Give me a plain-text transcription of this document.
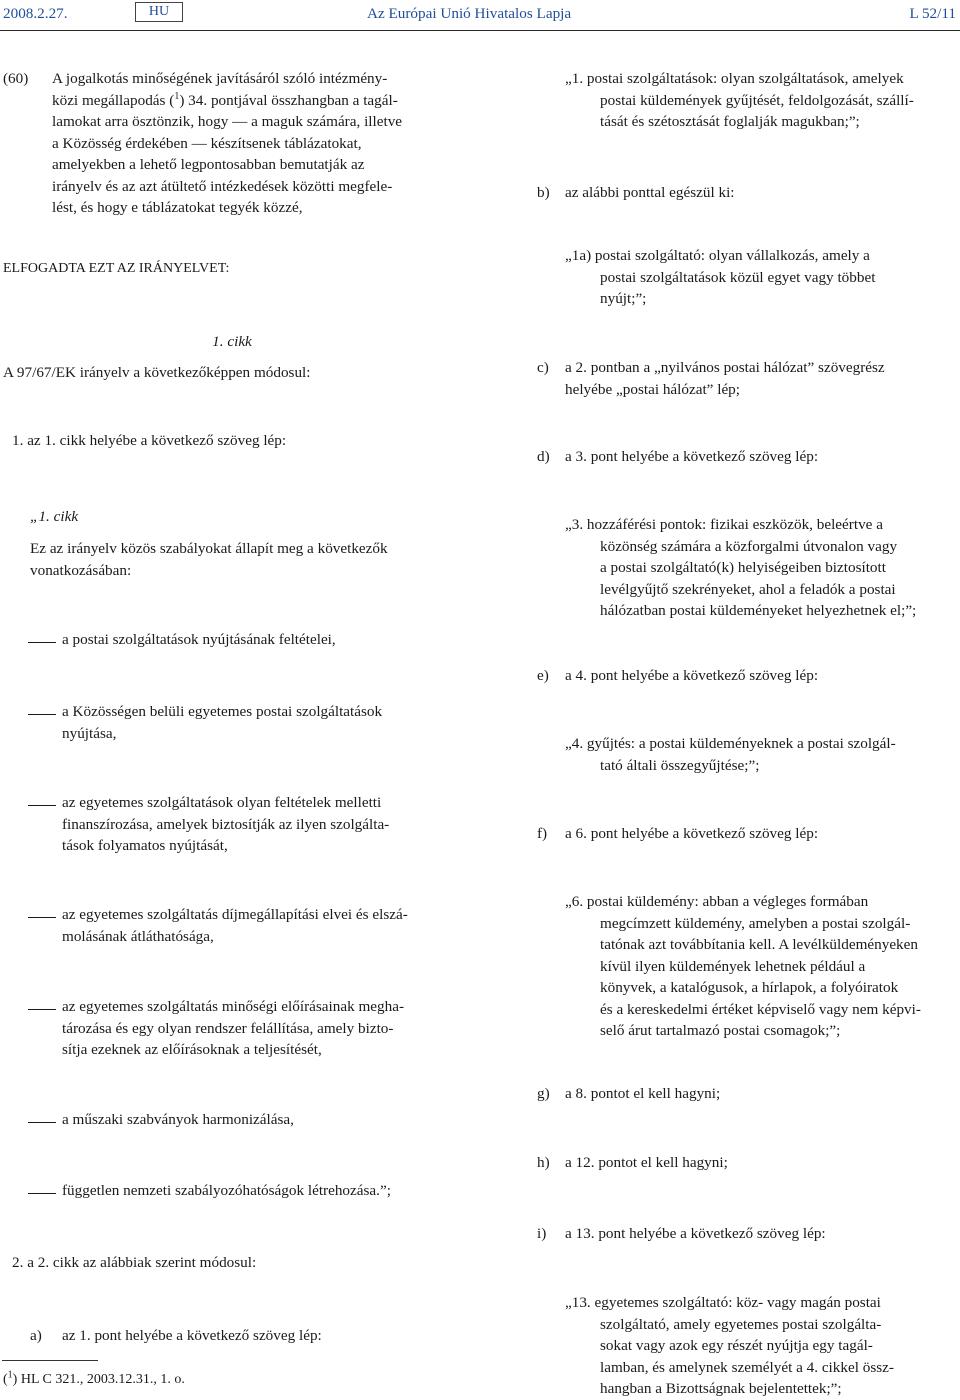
2008.2.27.	HU	Az Európai Unió Hivatalos Lapja	L 52/11
(60) A jogalkotás minőségének javításáról szóló intézmény-
közi megállapodás ($^1$) 34. pontjával összhangban a tagál-
lamokat arra ösztönzik, hogy — a maguk számára, illetve
a Közösség érdekében — készítsenek táblázatokat,
amelyekben a lehető legpontosabban bemutatják az
irányelv és az azt átültető intézkedések közötti megfele-
lést, és hogy e táblázatokat tegyék közzé,

ELFOGADTA EZT AZ IRÁNYELVET:

1. cikk

A 97/67/EK irányelv a következőképpen módosul:

1. az 1. cikk helyébe a következő szöveg lép:

„1. cikk

Ez az irányelv közös szabályokat állapít meg a következők
vonatkozásában:

a postai szolgáltatások nyújtásának feltételei,

a Közösségen belüli egyetemes postai szolgáltatások
nyújtása,

az egyetemes szolgáltatások olyan feltételek melletti
finanszírozása, amelyek biztosítják az ilyen szolgálta-
tások folyamatos nyújtását,

az egyetemes szolgáltatás díjmegállapítási elvei és elszá-
molásának átláthatósága,

az egyetemes szolgáltatás minőségi előírásainak megha-
tározása és egy olyan rendszer felállítása, amely bizto-
sítja ezeknek az előírásoknak a teljesítését,

a műszaki szabványok harmonizálása,

független nemzeti szabályozóhatóságok létrehozása.”;

2. a 2. cikk az alábbiak szerint módosul:

a) az 1. pont helyébe a következő szöveg lép:

($^1$) HL C 321., 2003.12.31., 1. o.

„1. postai szolgáltatások: olyan szolgáltatások, amelyek
postai küldemények gyűjtését, feldolgozását, szállí-
tását és szétosztását foglalják magukban;”;

b) az alábbi ponttal egészül ki:

„1a) postai szolgáltató: olyan vállalkozás, amely a
postai szolgáltatások közül egyet vagy többet
nyújt;”;

c) a 2. pontban a „nyilvános postai hálózat” szövegrész
helyébe „postai hálózat” lép;

d) a 3. pont helyébe a következő szöveg lép:

„3. hozzáférési pontok: fizikai eszközök, beleértve a
közönség számára a közforgalmi útvonalon vagy
a postai szolgáltató(k) helyiségeiben biztosított
levélgyűjtő szekrényeket, ahol a feladók a postai
hálózatban postai küldeményeket helyezhetnek el;”;

e) a 4. pont helyébe a következő szöveg lép:

„4. gyűjtés: a postai küldeményeknek a postai szolgál-
tató általi összegyűjtése;”;

f) a 6. pont helyébe a következő szöveg lép:

„6. postai küldemény: abban a végleges formában
megcímzett küldemény, amelyben a postai szolgál-
tatónak azt továbbítania kell. A levélküldeményeken
kívül ilyen küldemények lehetnek például a
könyvek, a katalógusok, a hírlapok, a folyóiratok
és a kereskedelmi értéket képviselő vagy nem képvi-
selő árut tartalmazó postai csomagok;”;

g) a 8. pontot el kell hagyni;

h) a 12. pontot el kell hagyni;

i) a 13. pont helyébe a következő szöveg lép:

„13. egyetemes szolgáltató: köz- vagy magán postai
szolgáltató, amely egyetemes postai szolgálta-
sokat vagy azok egy részét nyújtja egy tagál-
lamban, és amelynek személyét a 4. cikkel össz-
hangban a Bizottságnak bejelentettek;”;
